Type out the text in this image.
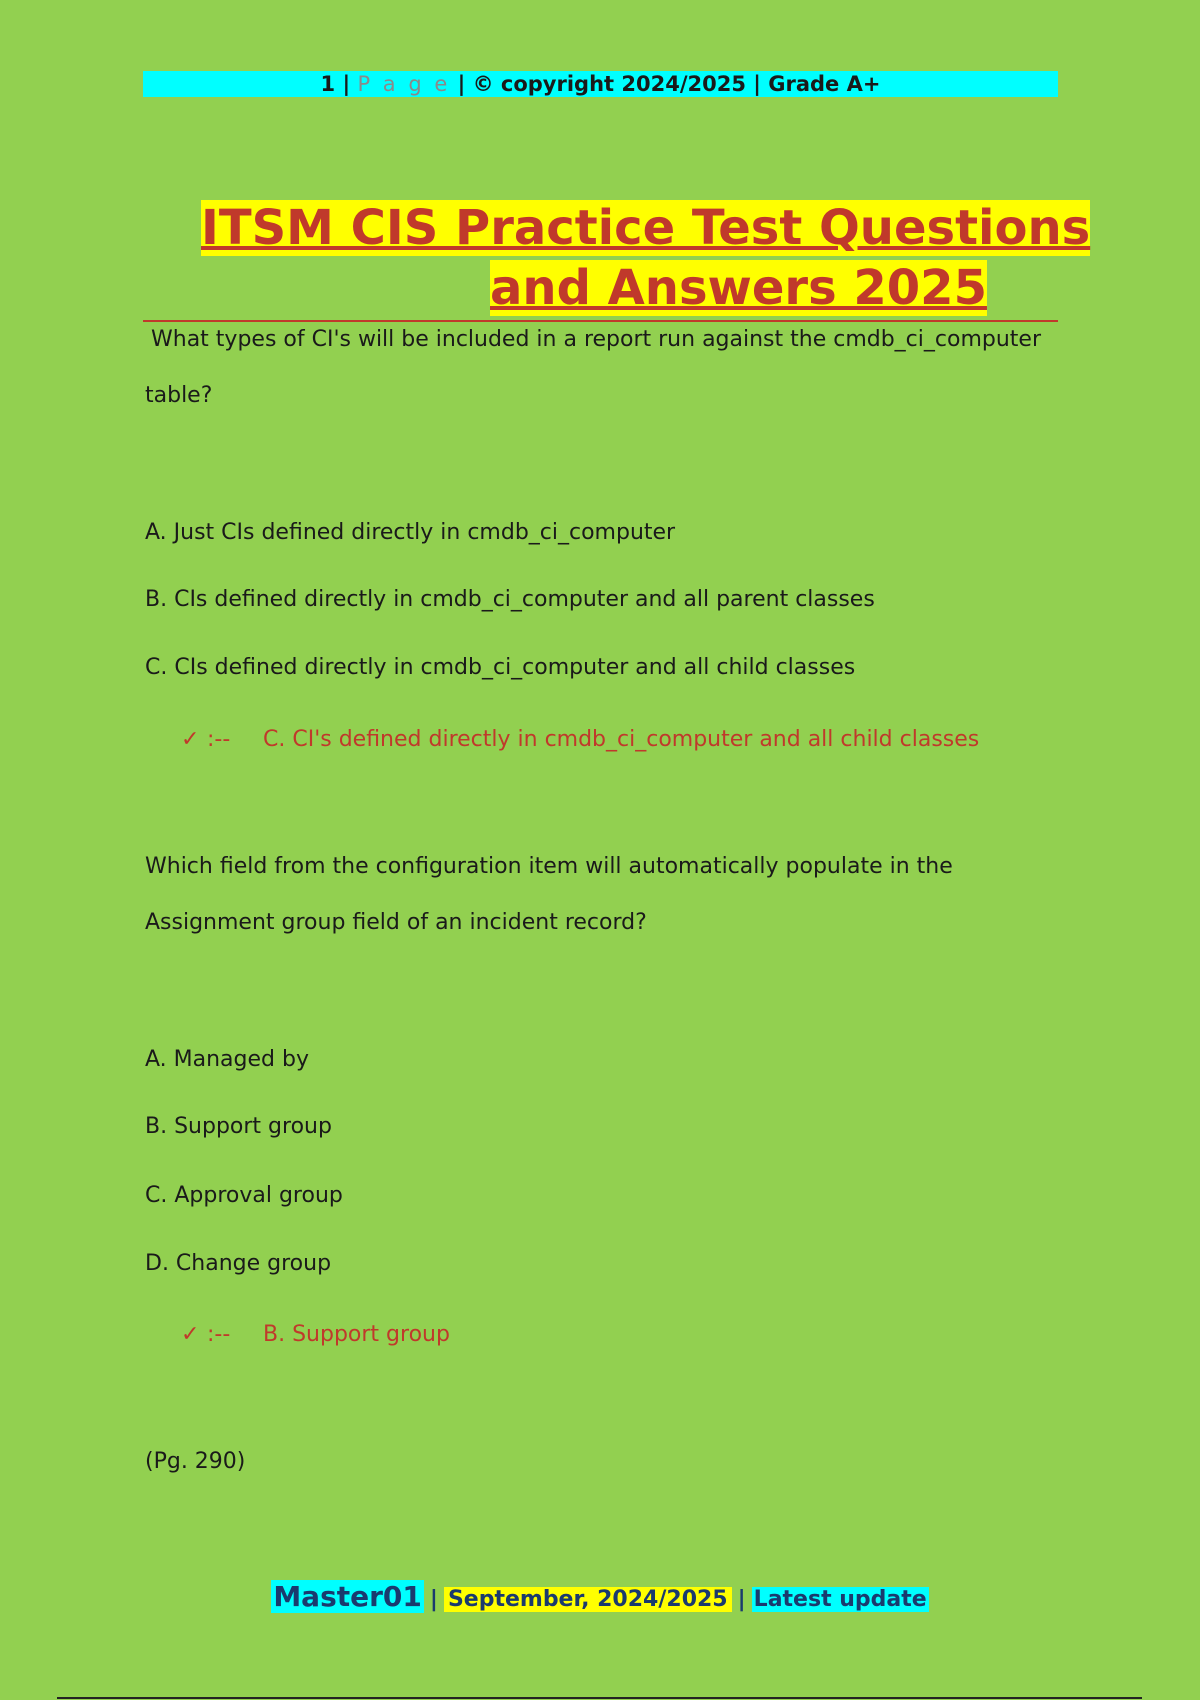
1 | P a g e | © copyright 2024/2025 | Grade A+
ITSM CIS Practice Test Questions
and Answers 2025
What types of CI's will be included in a report run against the cmdb_ci_computer
table?
A. Just CIs defined directly in cmdb_ci_computer
B. CIs defined directly in cmdb_ci_computer and all parent classes
C. CIs defined directly in cmdb_ci_computer and all child classes
✓ :-- C. CI's defined directly in cmdb_ci_computer and all child classes
Which field from the configuration item will automatically populate in the
Assignment group field of an incident record?
A. Managed by
B. Support group
C. Approval group
D. Change group
✓ :-- B. Support group
(Pg. 290)
Master01 | September, 2024/2025 | Latest update
